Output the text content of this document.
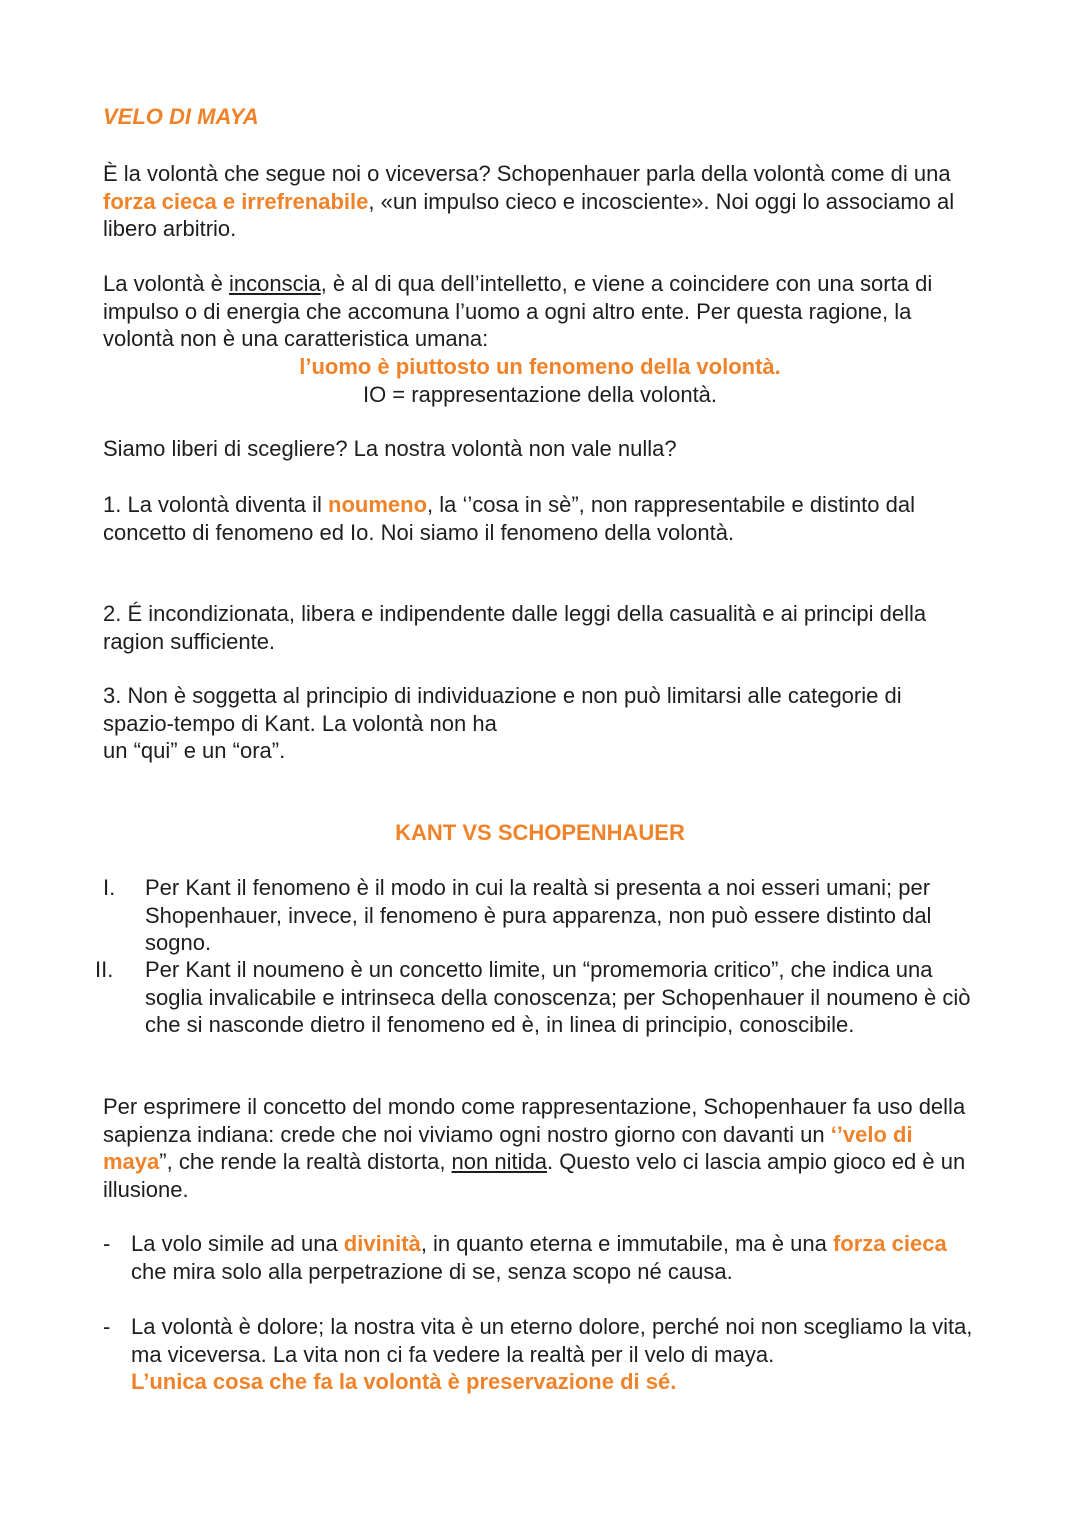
VELO DI MAYA

È la volontà che segue noi o viceversa? Schopenhauer parla della volontà come di una forza cieca e irrefrenabile, «un impulso cieco e incosciente». Noi oggi lo associamo al libero arbitrio.

La volontà è inconscia, è al di qua dell’intelletto, e viene a coincidere con una sorta di impulso o di energia che accomuna l’uomo a ogni altro ente. Per questa ragione, la volontà non è una caratteristica umana:

l’uomo è piuttosto un fenomeno della volontà.

IO = rappresentazione della volontà.

Siamo liberi di scegliere? La nostra volontà non vale nulla?

1. La volontà diventa il noumeno, la ‘’cosa in sè”, non rappresentabile e distinto dal concetto di fenomeno ed Io. Noi siamo il fenomeno della volontà.

2. É incondizionata, libera e indipendente dalle leggi della casualità e ai principi della ragion sufficiente.

3. Non è soggetta al principio di individuazione e non può limitarsi alle categorie di
spazio-tempo di Kant. La volontà non ha
un “qui” e un “ora”.

KANT VS SCHOPENHAUER
I.	Per Kant il fenomeno è il modo in cui la realtà si presenta a noi esseri umani; per Shopenhauer, invece, il fenomeno è pura apparenza, non può essere distinto dal sogno.
II.	Per Kant il noumeno è un concetto limite, un “promemoria critico”, che indica una soglia invalicabile e intrinseca della conoscenza; per Schopenhauer il noumeno è ciò che si nasconde dietro il fenomeno ed è, in linea di principio, conoscibile.

Per esprimere il concetto del mondo come rappresentazione, Schopenhauer fa uso della sapienza indiana: crede che noi viviamo ogni nostro giorno con davanti un ‘’velo di maya”, che rende la realtà distorta, non nitida. Questo velo ci lascia ampio gioco ed è un illusione.

- La volo simile ad una divinità, in quanto eterna e immutabile, ma è una forza cieca che mira solo alla perpetrazione di se, senza scopo né causa.
- La volontà è dolore; la nostra vita è un eterno dolore, perché noi non scegliamo la vita, ma viceversa. La vita non ci fa vedere la realtà per il velo di maya.
L’unica cosa che fa la volontà è preservazione di sé.
